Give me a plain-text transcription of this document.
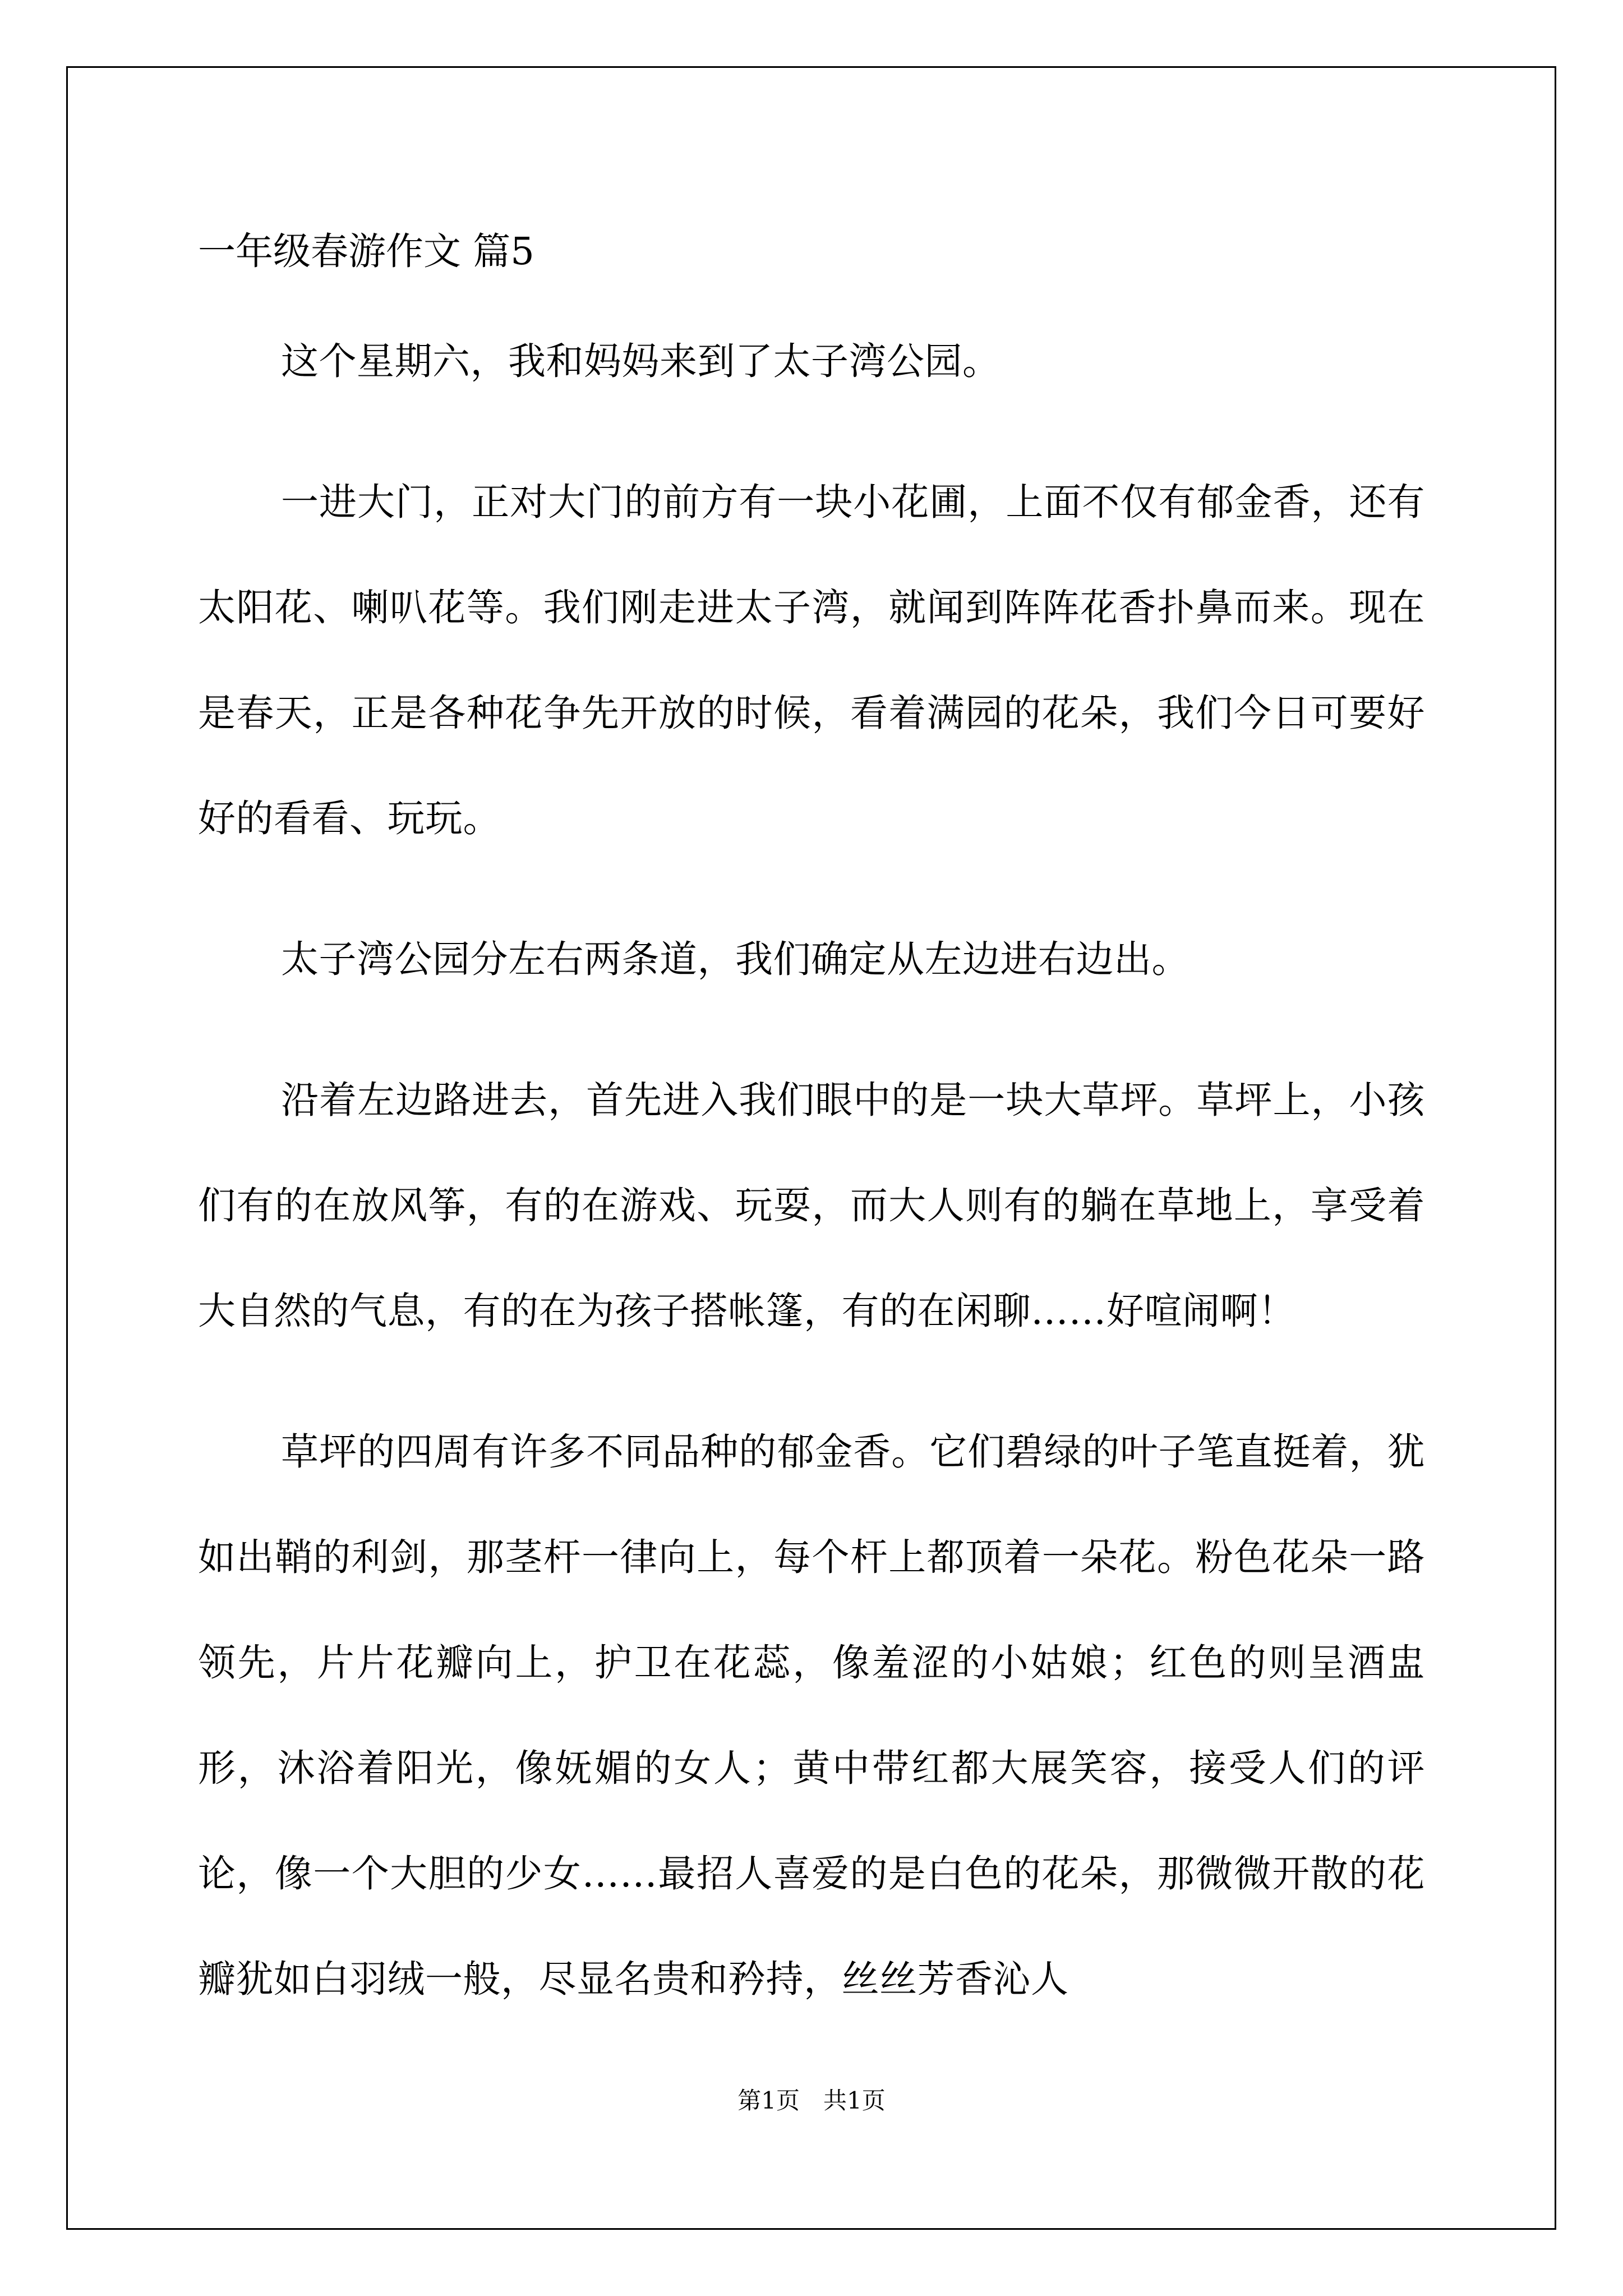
一年级春游作文 篇5

这个星期六，我和妈妈来到了太子湾公园。

一进大门，正对大门的前方有一块小花圃，上面不仅有郁金香，还有太阳花、喇叭花等。我们刚走进太子湾，就闻到阵阵花香扑鼻而来。现在是春天，正是各种花争先开放的时候，看着满园的花朵，我们今日可要好好的看看、玩玩。

太子湾公园分左右两条道，我们确定从左边进右边出。

沿着左边路进去，首先进入我们眼中的是一块大草坪。草坪上，小孩们有的在放风筝，有的在游戏、玩耍，而大人则有的躺在草地上，享受着大自然的气息，有的在为孩子搭帐篷，有的在闲聊……好喧闹啊！

草坪的四周有许多不同品种的郁金香。它们碧绿的叶子笔直挺着，犹如出鞘的利剑，那茎杆一律向上，每个杆上都顶着一朵花。粉色花朵一路领先，片片花瓣向上，护卫在花蕊，像羞涩的小姑娘；红色的则呈酒盅形，沐浴着阳光，像妩媚的女人；黄中带红都大展笑容，接受人们的评论，像一个大胆的少女……最招人喜爱的是白色的花朵，那微微开散的花瓣犹如白羽绒一般，尽显名贵和矜持，丝丝芳香沁人

第1页 共1页
